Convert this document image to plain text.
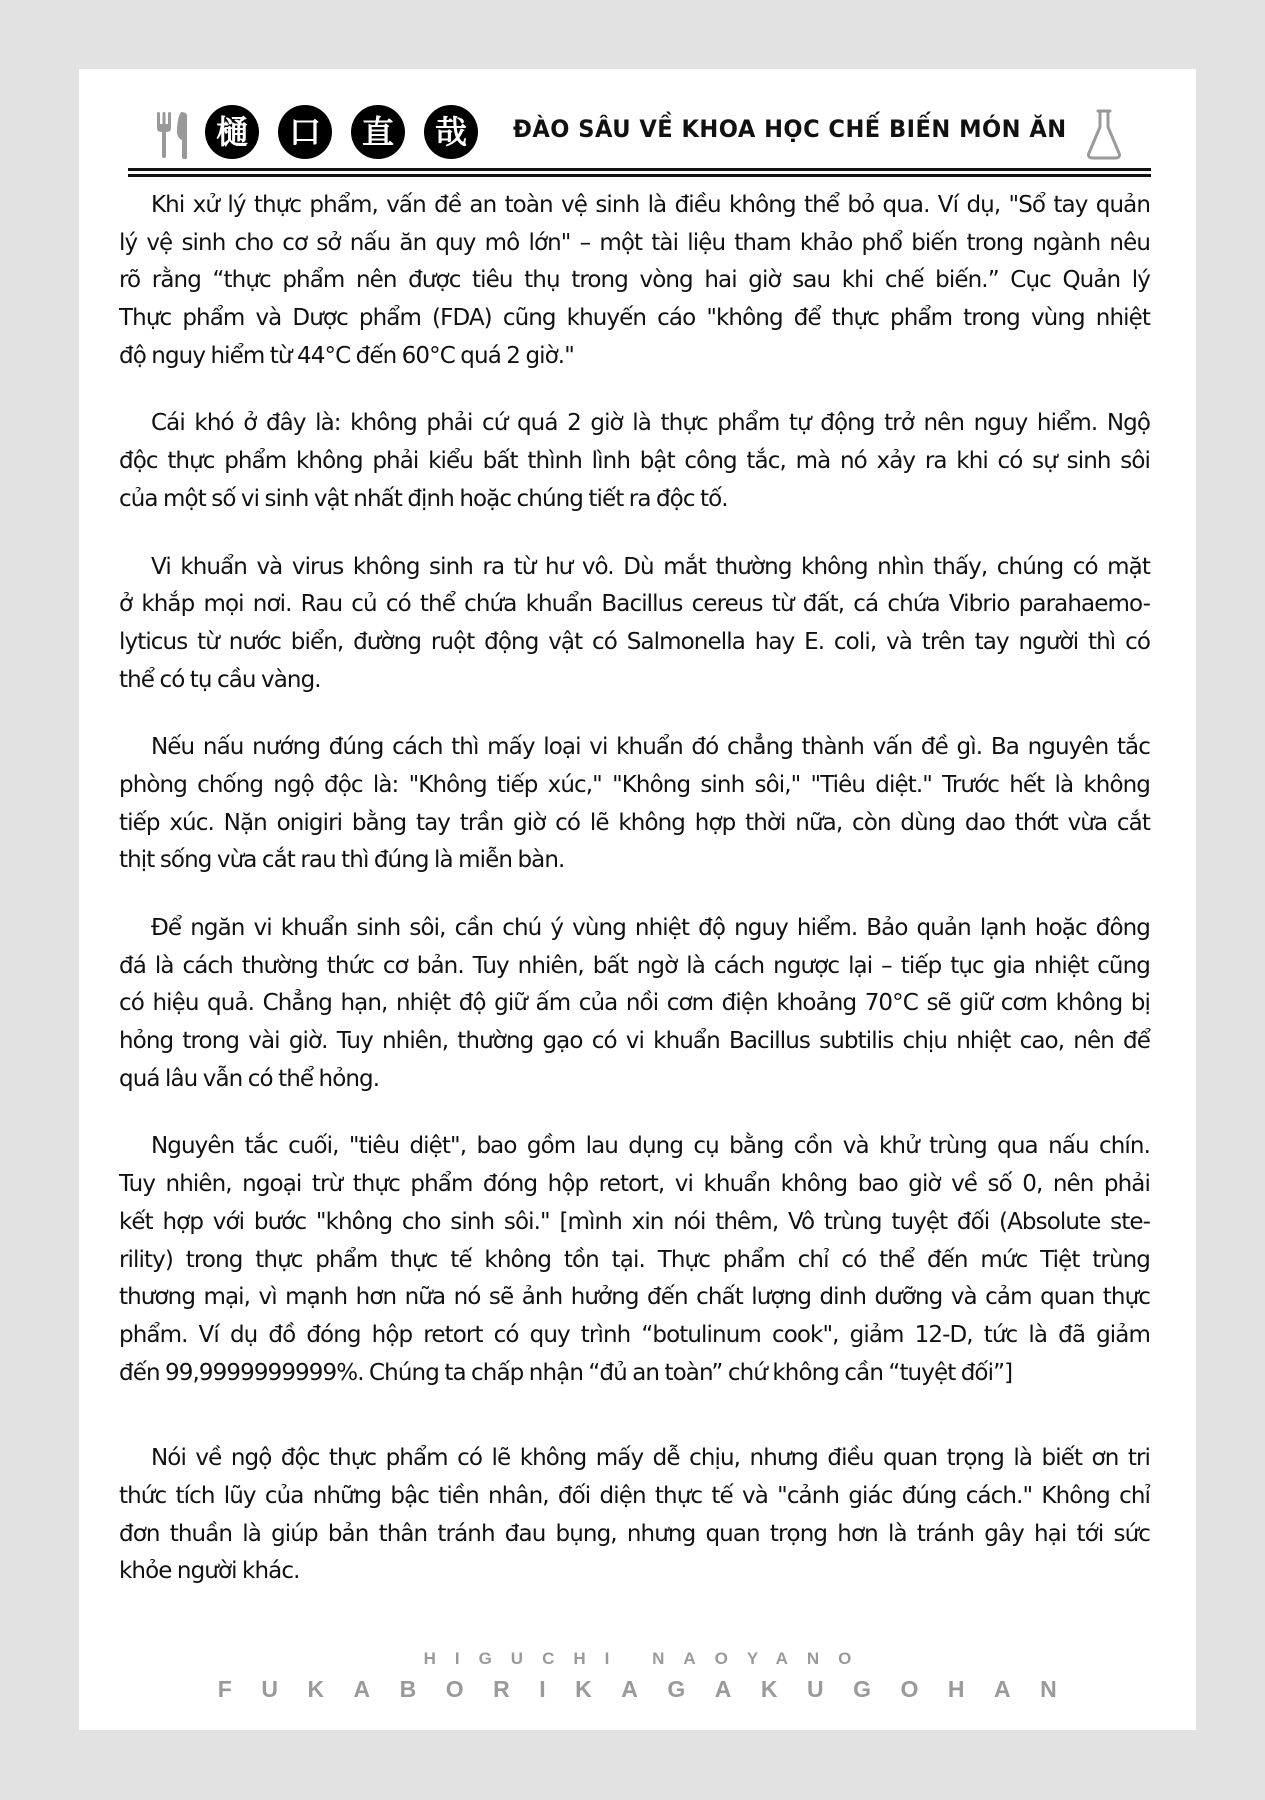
樋	口	直	哉	ĐÀO SÂU VỀ KHOA HỌC CHẾ BIẾN MÓN ĂN
Khi xử lý thực phẩm, vấn đề an toàn vệ sinh là điều không thể bỏ qua. Ví dụ, "Sổ tay quản
lý vệ sinh cho cơ sở nấu ăn quy mô lớn" – một tài liệu tham khảo phổ biến trong ngành nêu
rõ rằng “thực phẩm nên được tiêu thụ trong vòng hai giờ sau khi chế biến.” Cục Quản lý
Thực phẩm và Dược phẩm (FDA) cũng khuyến cáo "không để thực phẩm trong vùng nhiệt
độ nguy hiểm từ 44°C đến 60°C quá 2 giờ."
Cái khó ở đây là: không phải cứ quá 2 giờ là thực phẩm tự động trở nên nguy hiểm. Ngộ
độc thực phẩm không phải kiểu bất thình lình bật công tắc, mà nó xảy ra khi có sự sinh sôi
của một số vi sinh vật nhất định hoặc chúng tiết ra độc tố.
Vi khuẩn và virus không sinh ra từ hư vô. Dù mắt thường không nhìn thấy, chúng có mặt
ở khắp mọi nơi. Rau củ có thể chứa khuẩn Bacillus cereus từ đất, cá chứa Vibrio parahaemo-
lyticus từ nước biển, đường ruột động vật có Salmonella hay E. coli, và trên tay người thì có
thể có tụ cầu vàng.
Nếu nấu nướng đúng cách thì mấy loại vi khuẩn đó chẳng thành vấn đề gì. Ba nguyên tắc
phòng chống ngộ độc là: "Không tiếp xúc," "Không sinh sôi," "Tiêu diệt." Trước hết là không
tiếp xúc. Nặn onigiri bằng tay trần giờ có lẽ không hợp thời nữa, còn dùng dao thớt vừa cắt
thịt sống vừa cắt rau thì đúng là miễn bàn.
Để ngăn vi khuẩn sinh sôi, cần chú ý vùng nhiệt độ nguy hiểm. Bảo quản lạnh hoặc đông
đá là cách thường thức cơ bản. Tuy nhiên, bất ngờ là cách ngược lại – tiếp tục gia nhiệt cũng
có hiệu quả. Chẳng hạn, nhiệt độ giữ ấm của nồi cơm điện khoảng 70°C sẽ giữ cơm không bị
hỏng trong vài giờ. Tuy nhiên, thường gạo có vi khuẩn Bacillus subtilis chịu nhiệt cao, nên để
quá lâu vẫn có thể hỏng.
Nguyên tắc cuối, "tiêu diệt", bao gồm lau dụng cụ bằng cồn và khử trùng qua nấu chín.
Tuy nhiên, ngoại trừ thực phẩm đóng hộp retort, vi khuẩn không bao giờ về số 0, nên phải
kết hợp với bước "không cho sinh sôi." [mình xin nói thêm, Vô trùng tuyệt đối (Absolute ste-
rility) trong thực phẩm thực tế không tồn tại. Thực phẩm chỉ có thể đến mức Tiệt trùng
thương mại, vì mạnh hơn nữa nó sẽ ảnh hưởng đến chất lượng dinh dưỡng và cảm quan thực
phẩm. Ví dụ đồ đóng hộp retort có quy trình “botulinum cook", giảm 12-D, tức là đã giảm
đến 99,9999999999%. Chúng ta chấp nhận “đủ an toàn” chứ không cần “tuyệt đối”]
Nói về ngộ độc thực phẩm có lẽ không mấy dễ chịu, nhưng điều quan trọng là biết ơn tri
thức tích lũy của những bậc tiền nhân, đối diện thực tế và "cảnh giác đúng cách." Không chỉ
đơn thuần là giúp bản thân tránh đau bụng, nhưng quan trọng hơn là tránh gây hại tới sức
khỏe người khác.
HIGUCHI NAOYANO
FUKABORIKAGAKUGOHAN
